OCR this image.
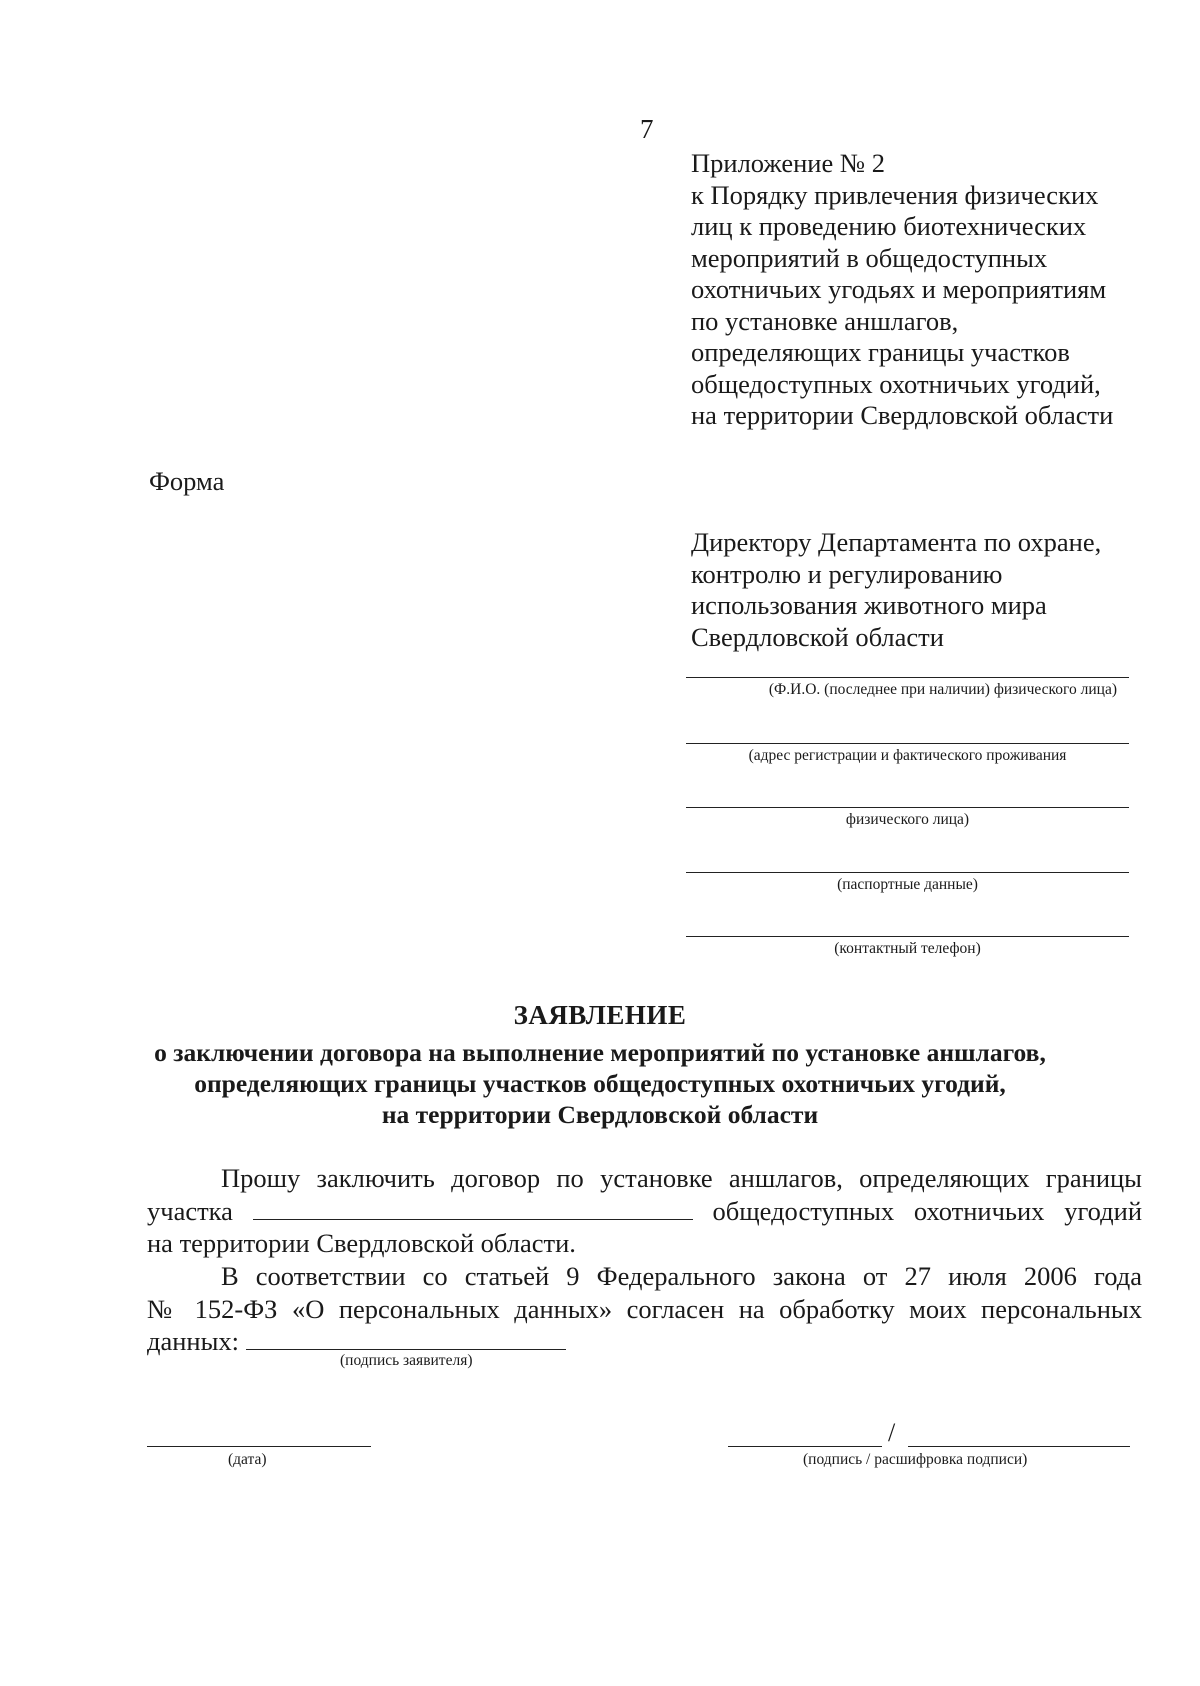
7
Приложение № 2
к Порядку привлечения физических
лиц к проведению биотехнических
мероприятий в общедоступных
охотничьих угодьях и мероприятиям
по установке аншлагов,
определяющих границы участков
общедоступных охотничьих угодий,
на территории Свердловской области
Форма
Директору Департамента по охране,
контролю и регулированию
использования животного мира
Свердловской области
(Ф.И.О. (последнее при наличии) физического лица)
(адрес регистрации и фактического проживания
физического лица)
(паспортные данные)
(контактный телефон)
ЗАЯВЛЕНИЕ
о заключении договора на выполнение мероприятий по установке аншлагов,
определяющих границы участков общедоступных охотничьих угодий,
на территории Свердловской области
Прошу заключить договор по установке аншлагов, определяющих границы
участка	общедоступных охотничьих угодий
на территории Свердловской области.
В соответствии со статьей 9 Федерального закона от 27 июля 2006 года
№ 152-ФЗ «О персональных данных» согласен на обработку моих персональных
данных:
(подпись заявителя)
(дата)
/
(подпись / расшифровка подписи)
